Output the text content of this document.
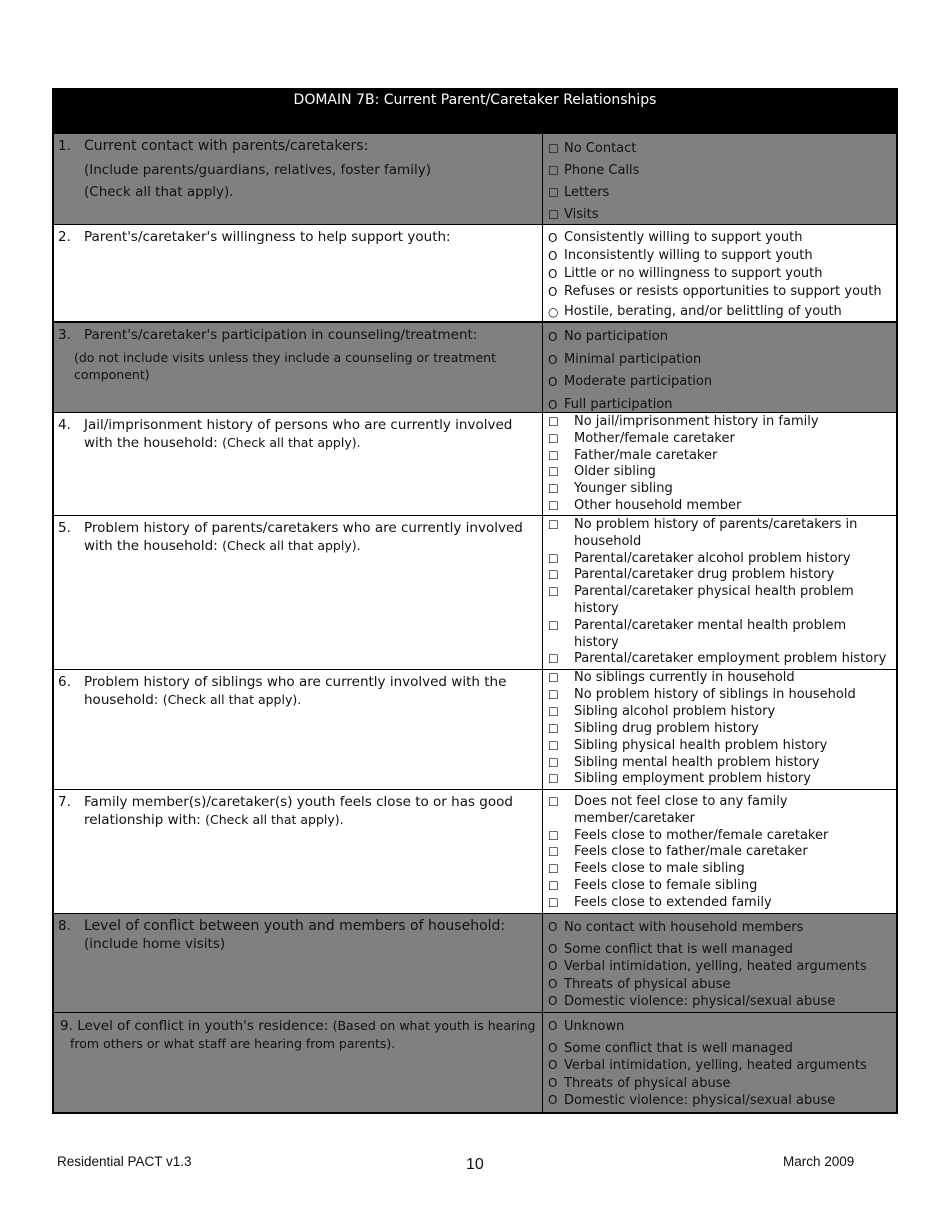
DOMAIN 7B: Current Parent/Caretaker Relationships
1. Current contact with parents/caretakers:
(Include parents/guardians, relatives, foster family)
(Check all that apply).
☐ No Contact
☐ Phone Calls
☐ Letters
☐ Visits
2. Parent's/caretaker's willingness to help support youth:	O Consistently willing to support youth
O Inconsistently willing to support youth
O Little or no willingness to support youth
O Refuses or resists opportunities to support youth
○ Hostile, berating, and/or belittling of youth
3. Parent's/caretaker's participation in counseling/treatment:
(do not include visits unless they include a counseling or treatment component)
O No participation
O Minimal participation
O Moderate participation
O Full participation
4. Jail/imprisonment history of persons who are currently involved with the household: (Check all that apply).
☐	No jail/imprisonment history in family
☐	Mother/female caretaker
☐	Father/male caretaker
☐	Older sibling
☐	Younger sibling
☐	Other household member
5. Problem history of parents/caretakers who are currently involved with the household: (Check all that apply).
☐	No problem history of parents/caretakers in household
☐	Parental/caretaker alcohol problem history
☐	Parental/caretaker drug problem history
☐	Parental/caretaker physical health problem history
☐	Parental/caretaker mental health problem history
☐	Parental/caretaker employment problem history
6. Problem history of siblings who are currently involved with the household: (Check all that apply).
☐	No siblings currently in household
☐	No problem history of siblings in household
☐	Sibling alcohol problem history
☐	Sibling drug problem history
☐	Sibling physical health problem history
☐	Sibling mental health problem history
☐	Sibling employment problem history
7. Family member(s)/caretaker(s) youth feels close to or has good relationship with: (Check all that apply).
☐	Does not feel close to any family member/caretaker
☐	Feels close to mother/female caretaker
☐	Feels close to father/male caretaker
☐	Feels close to male sibling
☐	Feels close to female sibling
☐	Feels close to extended family
8. Level of conflict between youth and members of household:
(include home visits)
O No contact with household members
O Some conflict that is well managed
O Verbal intimidation, yelling, heated arguments
O Threats of physical abuse
O Domestic violence: physical/sexual abuse
9. Level of conflict in youth's residence: (Based on what youth is hearing from others or what staff are hearing from parents).
O Unknown
O Some conflict that is well managed
O Verbal intimidation, yelling, heated arguments
O Threats of physical abuse
O Domestic violence: physical/sexual abuse
Residential PACT v1.3	10	March 2009
